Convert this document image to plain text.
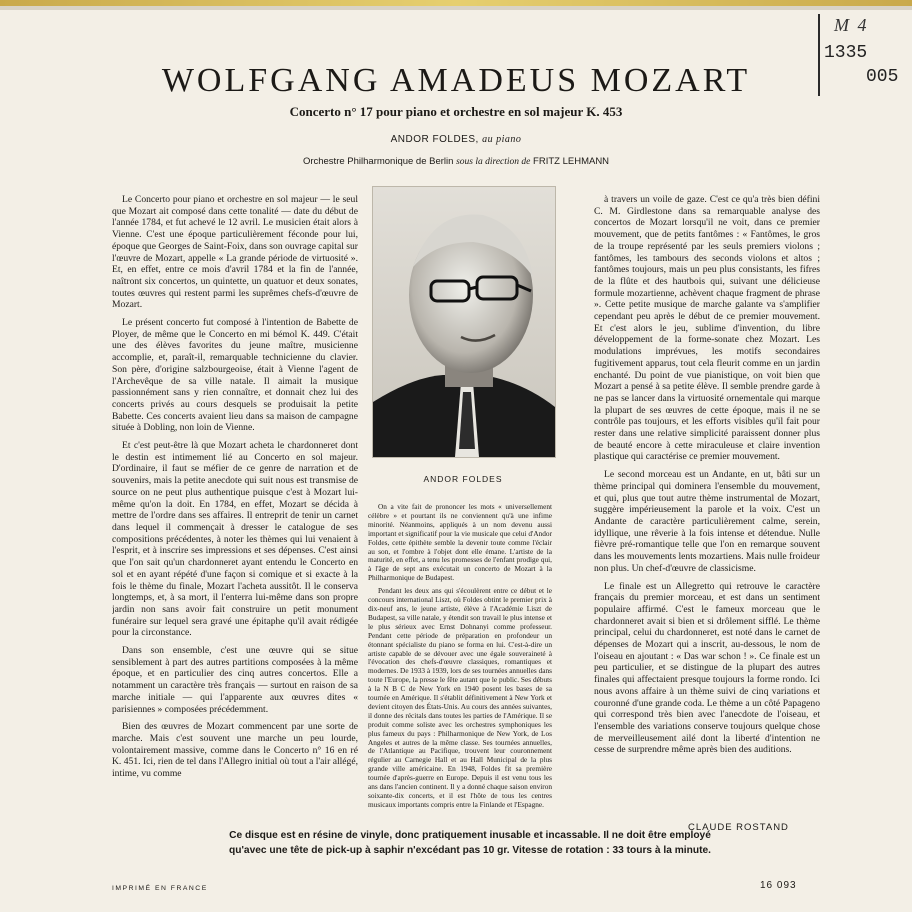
M 4
1335
005
WOLFGANG AMADEUS MOZART
Concerto n° 17 pour piano et orchestre en sol majeur K. 453
ANDOR FOLDES, au piano
Orchestre Philharmonique de Berlin sous la direction de FRITZ LEHMANN

Le Concerto pour piano et orchestre en sol majeur — le seul que Mozart ait composé dans cette tonalité — date du début de l'année 1784, et fut achevé le 12 avril. Le musicien était alors à Vienne. C'est une époque particulièrement féconde pour lui, époque que Georges de Saint-Foix, dans son ouvrage capital sur l'œuvre de Mozart, appelle « La grande période de virtuosité ». Et, en effet, entre ce mois d'avril 1784 et la fin de l'année, naîtront six concertos, un quintette, un quatuor et deux sonates, toutes œuvres qui restent parmi les suprêmes chefs-d'œuvre de Mozart.

Le présent concerto fut composé à l'intention de Babette de Ployer, de même que le Concerto en mi bémol K. 449. C'était une des élèves favorites du jeune maître, musicienne accomplie, et, paraît-il, remarquable technicienne du clavier. Son père, d'origine salzbourgeoise, était à Vienne l'agent de l'Archevêque de sa ville natale. Il aimait la musique passionnément sans y rien connaître, et donnait chez lui des concerts privés au cours desquels se produisait la petite Babette. Ces concerts avaient lieu dans sa maison de campagne située à Dobling, non loin de Vienne.

Et c'est peut-être là que Mozart acheta le chardonneret dont le destin est intimement lié au Concerto en sol majeur. D'ordinaire, il faut se méfier de ce genre de narration et de souvenirs, mais la petite anecdote qui suit nous est transmise de source on ne peut plus authentique puisque c'est à Mozart lui-même qu'on la doit. En 1784, en effet, Mozart se décida à mettre de l'ordre dans ses affaires. Il entreprit de tenir un carnet dans lequel il commençait à dresser le catalogue de ses compositions précédentes, à noter les thèmes qui lui venaient à l'esprit, et à inscrire ses impressions et ses dépenses. C'est ainsi que l'on sait qu'un chardonneret ayant entendu le Concerto en sol et en ayant répété d'une façon si comique et si exacte à la fois le thème du finale, Mozart l'acheta aussitôt. Il le conserva longtemps, et, à sa mort, il l'enterra lui-même dans son propre jardin non sans avoir fait construire un petit monument funéraire sur lequel sera gravé une épitaphe qu'il avait rédigée pour la circonstance.

Dans son ensemble, c'est une œuvre qui se situe sensiblement à part des autres partitions composées à la même époque, et en particulier des cinq autres concertos. Elle a notamment un caractère très français — surtout en raison de sa marche initiale — qui l'apparente aux œuvres dites « parisiennes » composées précédemment.

Bien des œuvres de Mozart commencent par une sorte de marche. Mais c'est souvent une marche un peu lourde, volontairement massive, comme dans le Concerto n° 16 en ré K. 451. Ici, rien de tel dans l'Allegro initial où tout a l'air allégé, intime, vu comme

ANDOR FOLDES

On a vite fait de prononcer les mots « universellement célèbre » et pourtant ils ne conviennent qu'à une infime minorité. Néanmoins, appliqués à un nom devenu aussi important et significatif pour la vie musicale que celui d'Andor Foldes, cette épithète semble la devenir toute comme l'éclair au son, et l'ombre à l'objet dont elle émane. L'artiste de la maturité, en effet, a tenu les promesses de l'enfant prodige qui, à l'âge de sept ans exécutait un concerto de Mozart à la Philharmonique de Budapest.

Pendant les deux ans qui s'écoulèrent entre ce début et le concours international Liszt, où Foldes obtint le premier prix à dix-neuf ans, le jeune artiste, élève à l'Académie Liszt de Budapest, sa ville natale, y étendit son travail le plus intense et le plus sérieux avec Ernst Dohnanyi comme professeur. Pendant cette période de préparation en profondeur un étonnant spécialiste du piano se forma en lui. C'est-à-dire un artiste capable de se dévouer avec une égale souveraineté à l'évocation des chefs-d'œuvre classiques, romantiques et modernes. De 1933 à 1939, lors de ses tournées annuelles dans toute l'Europe, la presse le fête autant que le public. Ses débuts à la N B C de New York en 1940 posent les bases de sa tournée en Amérique. Il s'établit définitivement à New York et devient citoyen des États-Unis. Au cours des années suivantes, il donne des récitals dans toutes les parties de l'Amérique. Il se produit comme soliste avec les orchestres symphoniques les plus fameux du pays : Philharmonique de New York, de Los Angeles et autres de la même classe. Ses tournées annuelles, de l'Atlantique au Pacifique, trouvent leur couronnement régulier au Carnegie Hall et au Hall Municipal de la plus grande ville américaine. En 1948, Foldes fit sa première tournée d'après-guerre en Europe. Depuis il est venu tous les ans dans l'ancien continent. Il y a donné chaque saison environ soixante-dix concerts, et il est l'hôte de tous les centres musicaux importants compris entre la Finlande et l'Espagne.

à travers un voile de gaze. C'est ce qu'a très bien défini C. M. Girdlestone dans sa remarquable analyse des concertos de Mozart lorsqu'il ne voit, dans ce premier mouvement, que de petits fantômes : « Fantômes, le gros de la troupe représenté par les seuls premiers violons ; fantômes, les tambours des seconds violons et altos ; fantômes toujours, mais un peu plus consistants, les fifres de la flûte et des hautbois qui, suivant une délicieuse formule mozartienne, achèvent chaque fragment de phrase ». Cette petite musique de marche galante va s'amplifier cependant peu après le début de ce premier mouvement. Et c'est alors le jeu, sublime d'invention, du libre développement de la forme-sonate chez Mozart. Les modulations imprévues, les motifs secondaires fugitivement apparus, tout cela fleurit comme en un jardin enchanté. Du point de vue pianistique, on voit bien que Mozart a pensé à sa petite élève. Il semble prendre garde à ne pas se lancer dans la virtuosité ornementale qui marque la plupart de ses œuvres de cette époque, mais il ne se contrôle pas toujours, et les efforts visibles qu'il fait pour rester dans une relative simplicité paraissent donner plus de beauté encore à cette miraculeuse et claire invention plastique qui caractérise ce premier mouvement.

Le second morceau est un Andante, en ut, bâti sur un thème principal qui dominera l'ensemble du mouvement, et qui, plus que tout autre thème instrumental de Mozart, suggère impérieusement la parole et la voix. C'est un Andante de caractère particulièrement calme, serein, idyllique, une rêverie à la fois intense et détendue. Nulle fièvre pré-romantique telle que l'on en remarque souvent dans les mouvements lents mozartiens. Mais nulle froideur non plus. Un chef-d'œuvre de classicisme.

Le finale est un Allegretto qui retrouve le caractère français du premier morceau, et est dans un sentiment populaire affirmé. C'est le fameux morceau que le chardonneret avait si bien et si drôlement sifflé. Le thème principal, celui du chardonneret, est noté dans le carnet de dépenses de Mozart qui a inscrit, au-dessous, le nom de l'oiseau en ajoutant : « Das war schon ! ». Ce finale est un peu particulier, et se distingue de la plupart des autres finales qui affectaient presque toujours la forme rondo. Ici nous avons affaire à un thème suivi de cinq variations et couronné d'une grande coda. Le thème a un côté Papageno qui correspond très bien avec l'anecdote de l'oiseau, et l'ensemble des variations conserve toujours quelque chose de merveilleusement ailé dont la liberté d'intention ne cesse de surprendre même après bien des auditions.

CLAUDE ROSTAND
Ce disque est en résine de vinyle, donc pratiquement inusable et incassable. Il ne doit être employé
qu'avec une tête de pick-up à saphir n'excédant pas 10 gr. Vitesse de rotation : 33 tours à la minute.
IMPRIMÉ EN FRANCE	16 093
